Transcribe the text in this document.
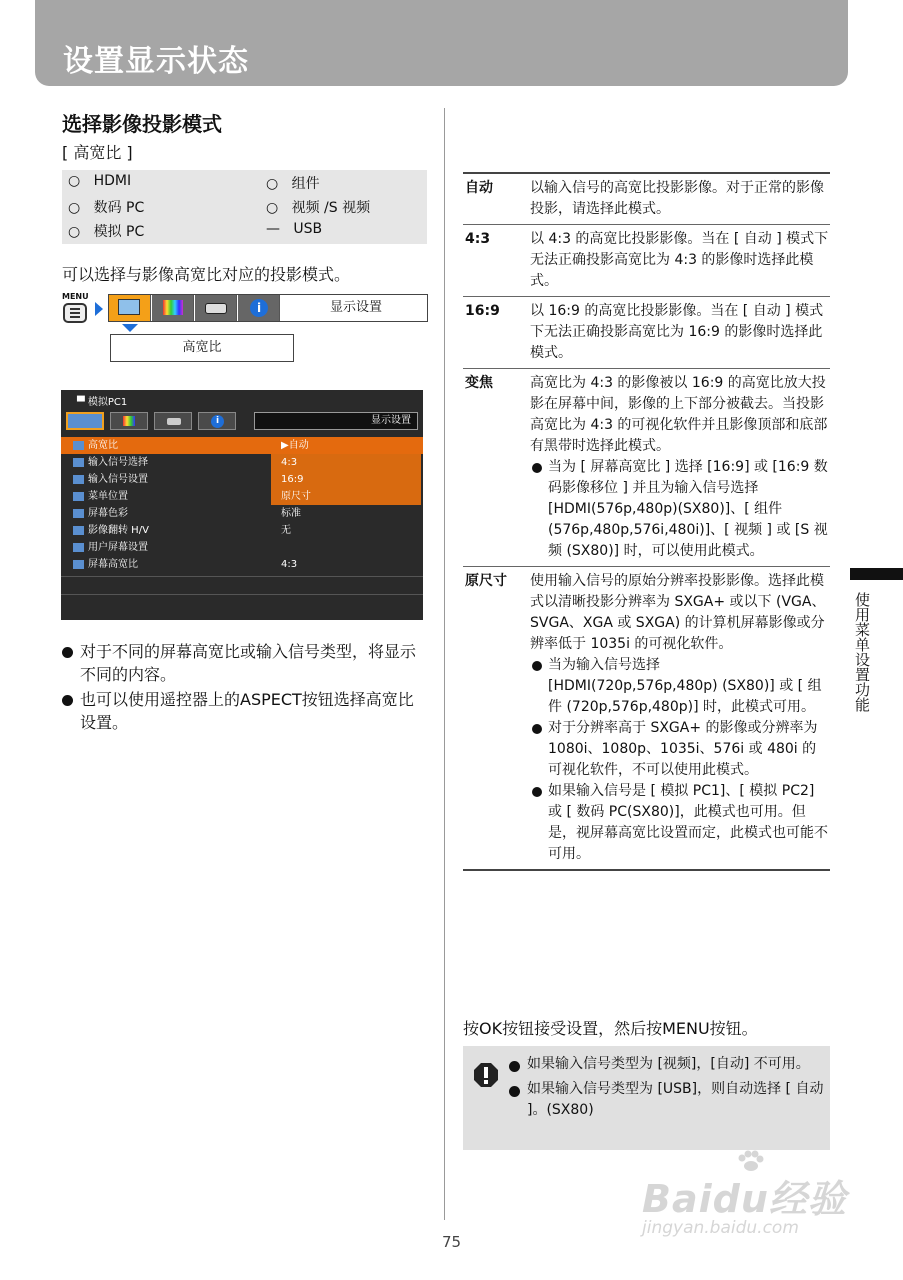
设置显示状态
选择影像投影模式
[ 高宽比 ]
○ HDMI	○ 组件
○ 数码 PC	○ 视频 /S 视频
○ 模拟 PC	— USB
可以选择与影像高宽比对应的投影模式。
MENU
i	显示设置
高宽比
▀ 模拟PC1
i	显示设置
高宽比	▶自动
输入信号选择	4:3
输入信号设置	16:9
菜单位置	原尺寸
屏幕色彩	标准
影像翻转 H/V	无
用户屏幕设置
屏幕高宽比	4:3
对于不同的屏幕高宽比或输入信号类型，将显示不同的内容。
也可以使用遥控器上的ASPECT按钮选择高宽比设置。
自动	以输入信号的高宽比投影影像。对于正常的影像投影，请选择此模式。
4:3	以 4:3 的高宽比投影影像。当在 [ 自动 ] 模式下无法正确投影高宽比为 4:3 的影像时选择此模式。
16:9	以 16:9 的高宽比投影影像。当在 [ 自动 ] 模式下无法正确投影高宽比为 16:9 的影像时选择此模式。
变焦	高宽比为 4:3 的影像被以 16:9 的高宽比放大投影在屏幕中间，影像的上下部分被截去。当投影高宽比为 4:3 的可视化软件并且影像顶部和底部有黑带时选择此模式。
当为 [ 屏幕高宽比 ] 选择 [16:9] 或 [16:9 数码影像移位 ] 并且为输入信号选择 [HDMI(576p,480p)(SX80)]、[ 组件 (576p,480p,576i,480i)]、[ 视频 ] 或 [S 视频 (SX80)] 时，可以使用此模式。
原尺寸	使用输入信号的原始分辨率投影影像。选择此模式以清晰投影分辨率为 SXGA+ 或以下 (VGA、SVGA、XGA 或 SXGA) 的计算机屏幕影像或分辨率低于 1035i 的可视化软件。
当为输入信号选择 [HDMI(720p,576p,480p) (SX80)] 或 [ 组件 (720p,576p,480p)] 时，此模式可用。
对于分辨率高于 SXGA+ 的影像或分辨率为 1080i、1080p、1035i、576i 或 480i 的可视化软件，不可以使用此模式。
如果输入信号是 [ 模拟 PC1]、[ 模拟 PC2] 或 [ 数码 PC(SX80)]，此模式也可用。但是，视屏幕高宽比设置而定，此模式也可能不可用。
按OK按钮接受设置，然后按MENU按钮。
如果输入信号类型为 [视频]，[自动] 不可用。
如果输入信号类型为 [USB]，则自动选择 [ 自动 ]。(SX80)
使用菜单设置功能
75
Baidu经验
jingyan.baidu.com
